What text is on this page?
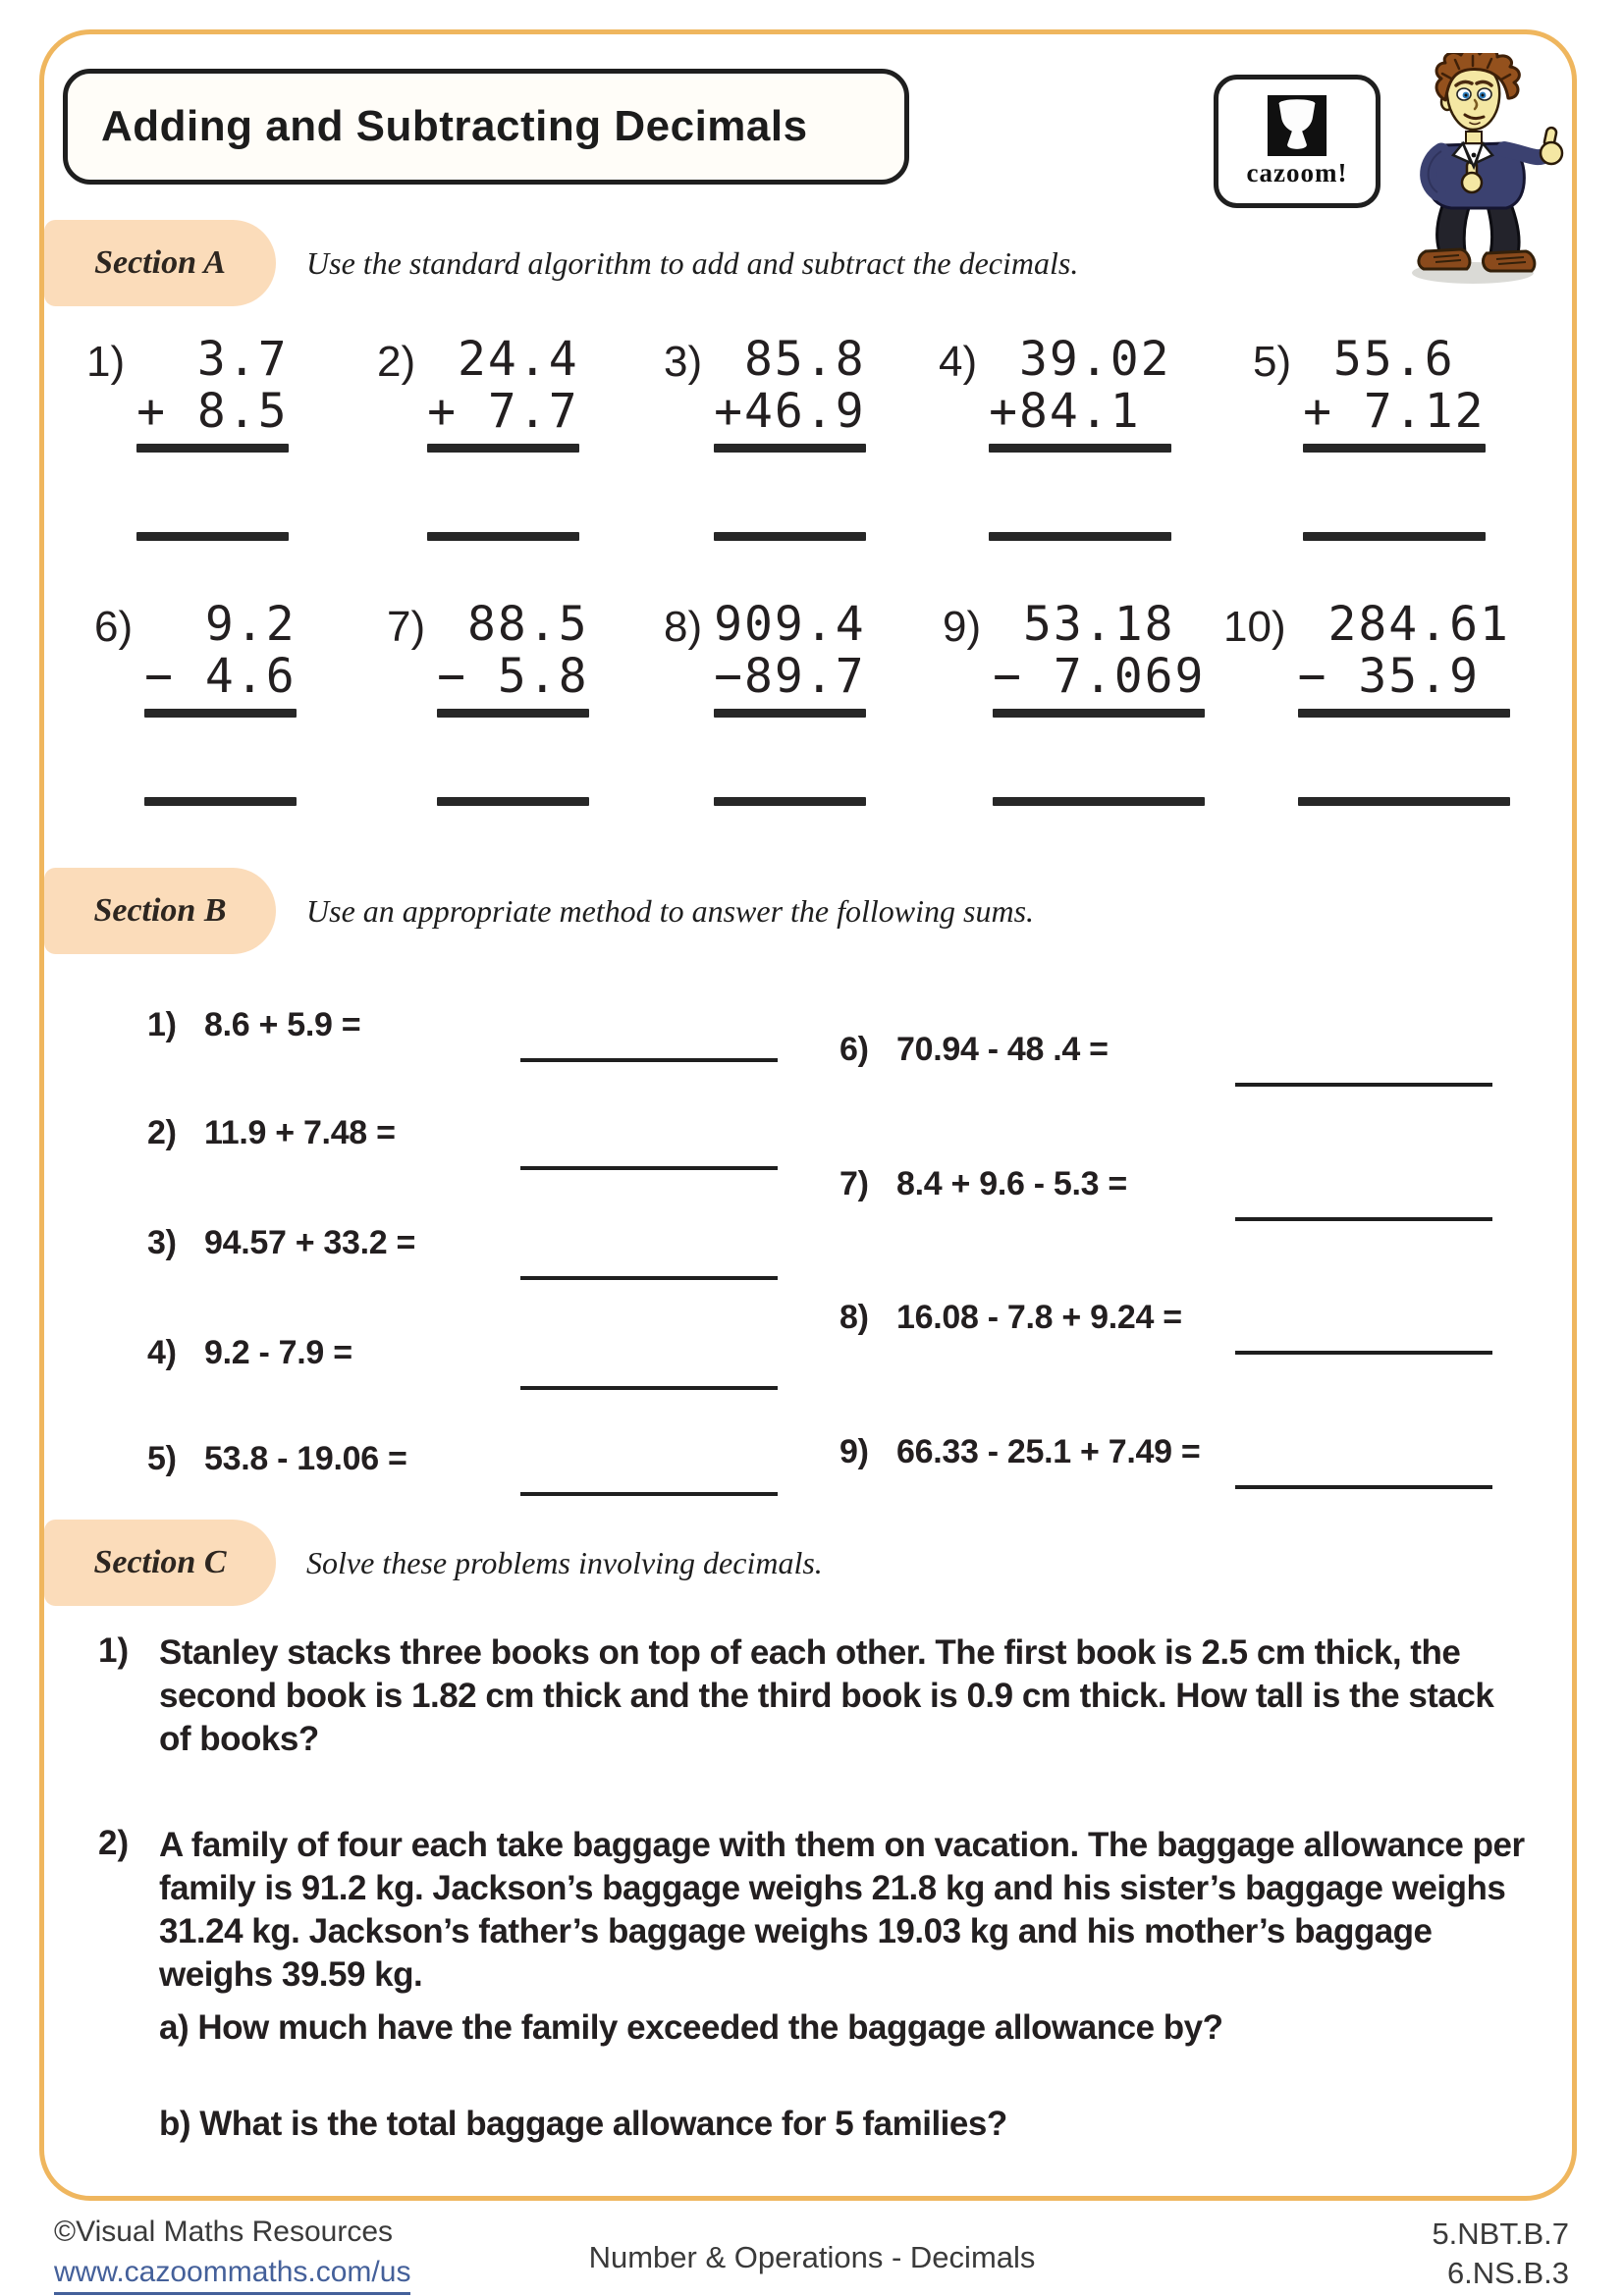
Adding and Subtracting Decimals
cazoom!
Section A	Use the standard algorithm to add and subtract the decimals.
1) 3.7
+ 8.5
2) 24.4
+ 7.7
3) 85.8
+46.9
4) 39.02
+84.1
5) 55.6
+ 7.12
6) 9.2
− 4.6
7) 88.5
− 5.8
8) 909.4
−89.7
9) 53.18
− 7.069
10) 284.61
− 35.9
Section B	Use an appropriate method to answer the following sums.
1) 8.6 + 5.9 =
2) 11.9 + 7.48 =
3) 94.57 + 33.2 =
4) 9.2 - 7.9 =
5) 53.8 - 19.06 =
6) 70.94 - 48 .4 =
7) 8.4 + 9.6 - 5.3 =
8) 16.08 - 7.8 + 9.24 =
9) 66.33 - 25.1 + 7.49 =
Section C	Solve these problems involving decimals.
1) Stanley stacks three books on top of each other. The first book is 2.5 cm thick, the second book is 1.82 cm thick and the third book is 0.9 cm thick. How tall is the stack of books?
2) A family of four each take baggage with them on vacation. The baggage allowance per family is 91.2 kg. Jackson’s baggage weighs 21.8 kg and his sister’s baggage weighs 31.24 kg. Jackson’s father’s baggage weighs 19.03 kg and his mother’s baggage weighs 39.59 kg.
a) How much have the family exceeded the baggage allowance by?
b) What is the total baggage allowance for 5 families?
©Visual Maths Resources
www.cazoommaths.com/us	Number & Operations - Decimals
5.NBT.B.7
6.NS.B.3
